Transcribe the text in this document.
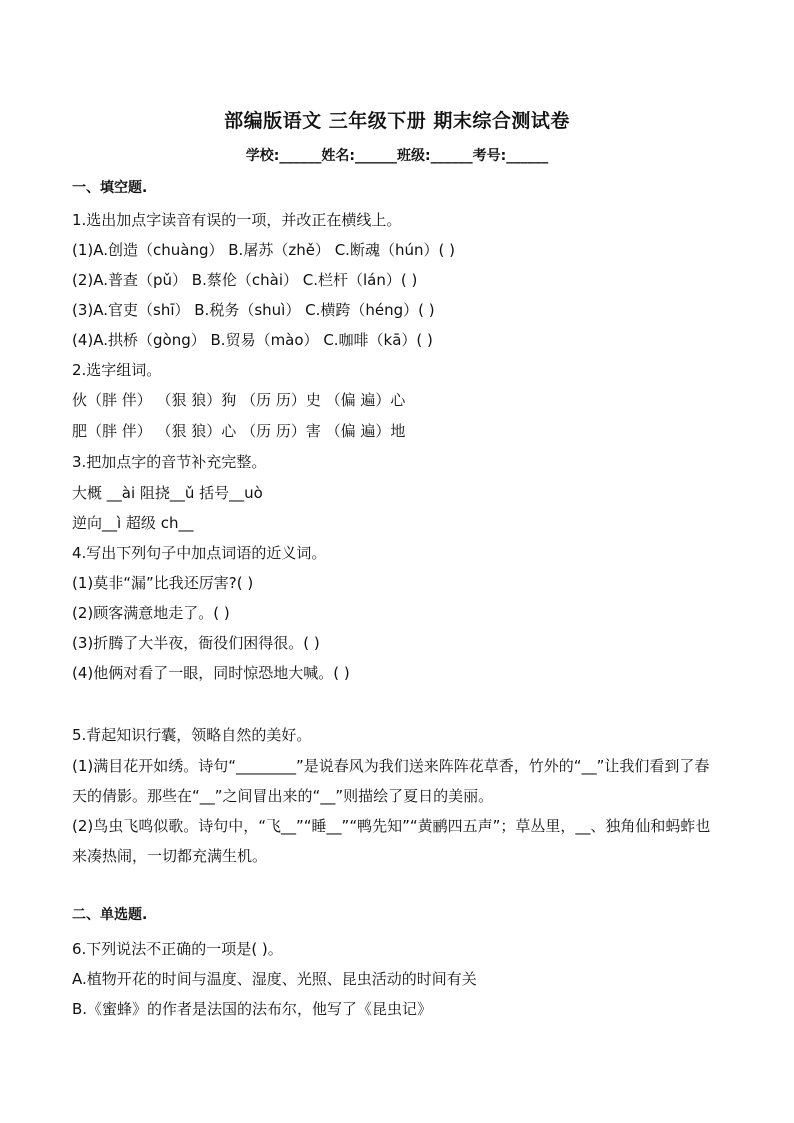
部编版语文 三年级下册 期末综合测试卷
学校:______姓名:______班级:______考号:______
一、填空题.
1.选出加点字读音有误的一项，并改正在横线上。
(1)A.创造（chuàng） B.屠苏（zhě） C.断魂（hún）( )
(2)A.普查（pǔ） B.蔡伦（chài） C.栏杆（lán）( )
(3)A.官吏（shī） B.税务（shuì） C.横跨（héng）( )
(4)A.拱桥（gòng） B.贸易（mào） C.咖啡（kā）( )
2.选字组词。
伙（胖 伴） （狠 狼）狗 （历 历）史 （偏 遍）心
肥（胖 伴） （狠 狼）心 （历 历）害 （偏 遍）地
3.把加点字的音节补充完整。
大概 __ài 阻挠__ǔ 括号__uò
逆向__ì 超级 ch__
4.写出下列句子中加点词语的近义词。
(1)莫非“漏”比我还厉害?( )
(2)顾客满意地走了。( )
(3)折腾了大半夜，衙役们困得很。( )
(4)他俩对看了一眼，同时惊恐地大喊。( )
5.背起知识行囊，领略自然的美好。
(1)满目花开如绣。诗句“________”是说春风为我们送来阵阵花草香，竹外的“__”让我们看到了春天的倩影。那些在“__”之间冒出来的“__”则描绘了夏日的美丽。
(2)鸟虫飞鸣似歌。诗句中，“飞__”“睡__”“鸭先知”“黄鹂四五声”；草丛里，__、独角仙和蚂蚱也来凑热闹，一切都充满生机。
二、单选题.
6.下列说法不正确的一项是( )。
A.植物开花的时间与温度、湿度、光照、昆虫活动的时间有关
B.《蜜蜂》的作者是法国的法布尔，他写了《昆虫记》
